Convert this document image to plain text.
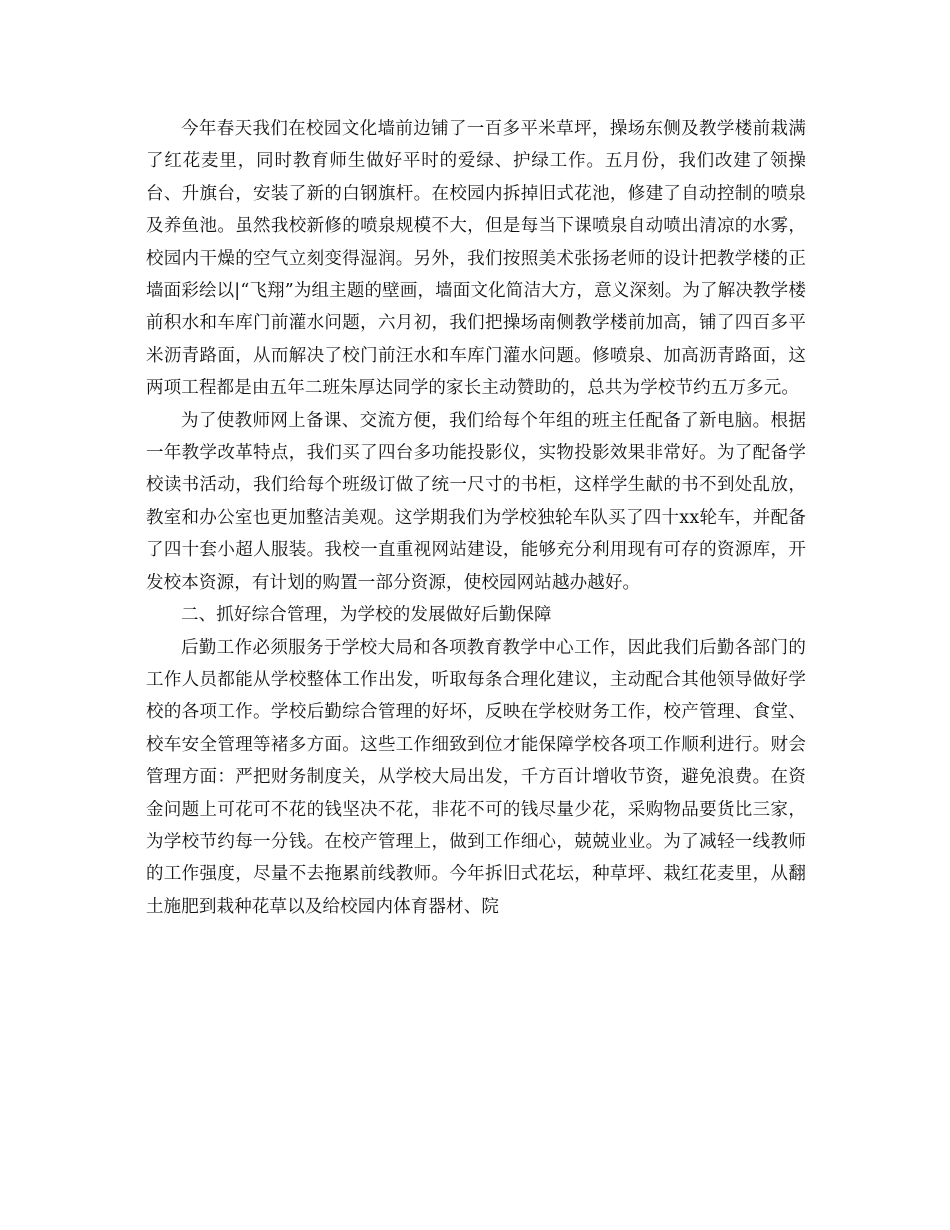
今年春天我们在校园文化墙前边铺了一百多平米草坪，操场东侧及教学楼前栽满了红花麦里，同时教育师生做好平时的爱绿、护绿工作。五月份，我们改建了领操台、升旗台，安装了新的白钢旗杆。在校园内拆掉旧式花池，修建了自动控制的喷泉及养鱼池。虽然我校新修的喷泉规模不大，但是每当下课喷泉自动喷出清凉的水雾，校园内干燥的空气立刻变得湿润。另外，我们按照美术张扬老师的设计把教学楼的正墙面彩绘以|“飞翔”为组主题的壁画，墙面文化简洁大方，意义深刻。为了解决教学楼前积水和车库门前灌水问题，六月初，我们把操场南侧教学楼前加高，铺了四百多平米沥青路面，从而解决了校门前汪水和车库门灌水问题。修喷泉、加高沥青路面，这两项工程都是由五年二班朱厚达同学的家长主动赞助的，总共为学校节约五万多元。

为了使教师网上备课、交流方便，我们给每个年组的班主任配备了新电脑。根据一年教学改革特点，我们买了四台多功能投影仪，实物投影效果非常好。为了配备学校读书活动，我们给每个班级订做了统一尺寸的书柜，这样学生献的书不到处乱放，教室和办公室也更加整洁美观。这学期我们为学校独轮车队买了四十xx轮车，并配备了四十套小超人服装。我校一直重视网站建设，能够充分利用现有可存的资源库，开发校本资源，有计划的购置一部分资源，使校园网站越办越好。

二、抓好综合管理，为学校的发展做好后勤保障

后勤工作必须服务于学校大局和各项教育教学中心工作，因此我们后勤各部门的工作人员都能从学校整体工作出发，听取每条合理化建议，主动配合其他领导做好学校的各项工作。学校后勤综合管理的好坏，反映在学校财务工作，校产管理、食堂、校车安全管理等褚多方面。这些工作细致到位才能保障学校各项工作顺利进行。财会管理方面：严把财务制度关，从学校大局出发，千方百计增收节资，避免浪费。在资金问题上可花可不花的钱坚决不花，非花不可的钱尽量少花，采购物品要货比三家，为学校节约每一分钱。在校产管理上，做到工作细心，兢兢业业。为了减轻一线教师的工作强度，尽量不去拖累前线教师。今年拆旧式花坛，种草坪、栽红花麦里，从翻土施肥到栽种花草以及给校园内体育器材、院
